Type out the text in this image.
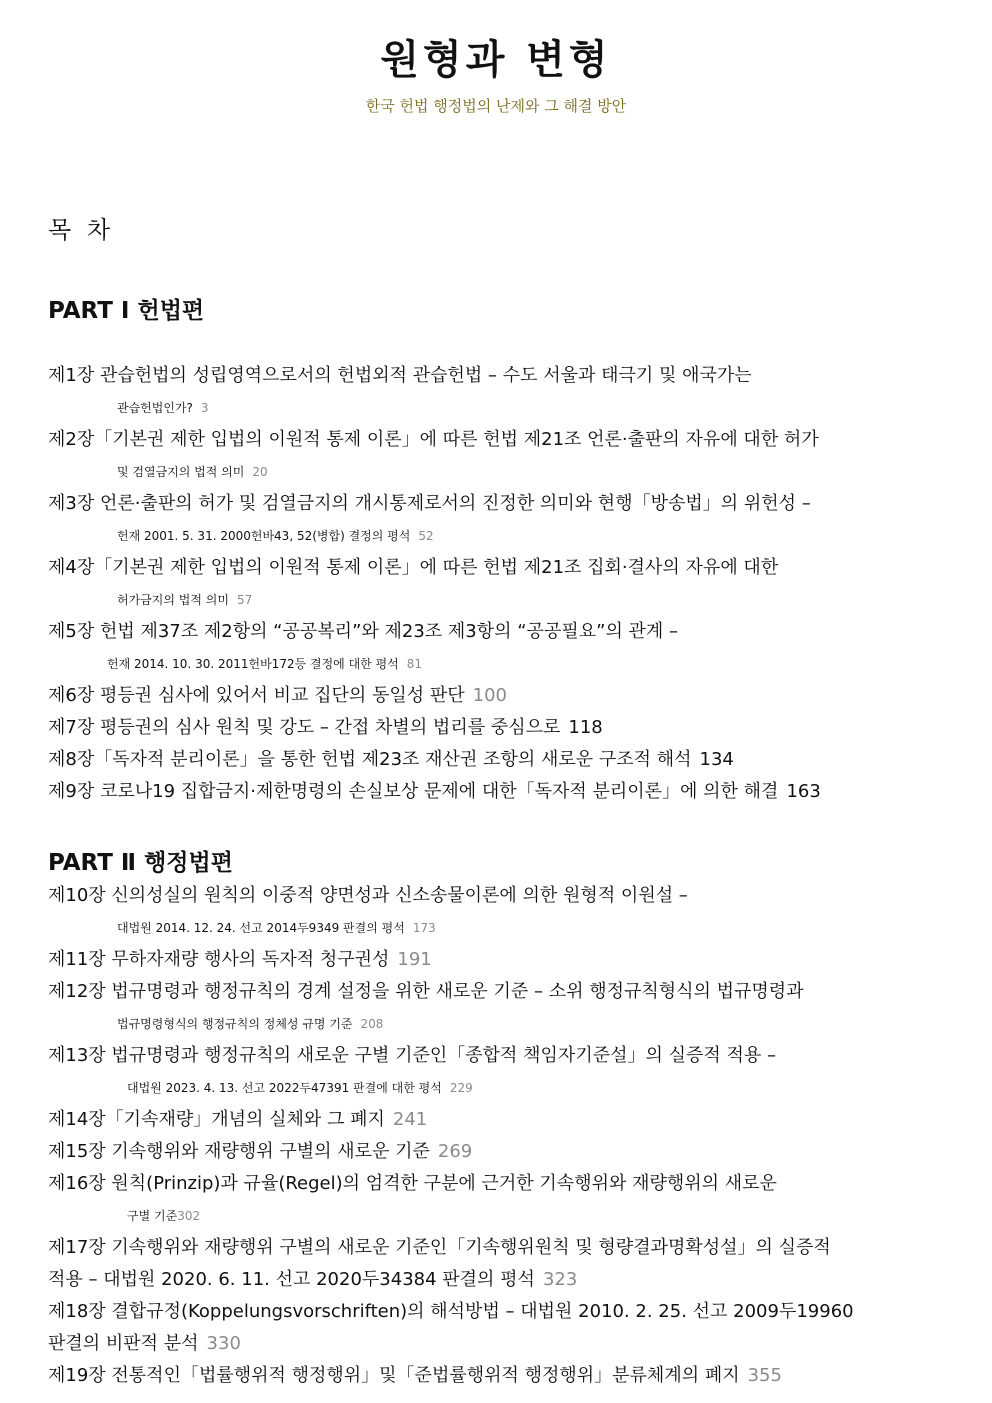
원형과 변형
한국 헌법 행정법의 난제와 그 해결 방안
목 차
PART Ⅰ 헌법편
제1장 관습헌법의 성립영역으로서의 헌법외적 관습헌법 – 수도 서울과 태극기 및 애국가는
관습헌법인가? 3
제2장「기본권 제한 입법의 이원적 통제 이론」에 따른 헌법 제21조 언론·출판의 자유에 대한 허가
및 검열금지의 법적 의미 20
제3장 언론·출판의 허가 및 검열금지의 개시통제로서의 진정한 의미와 현행「방송법」의 위헌성 –
헌재 2001. 5. 31. 2000헌바43, 52(병합) 결정의 평석 52
제4장「기본권 제한 입법의 이원적 통제 이론」에 따른 헌법 제21조 집회·결사의 자유에 대한
허가금지의 법적 의미 57
제5장 헌법 제37조 제2항의 “공공복리”와 제23조 제3항의 “공공필요”의 관계 –
헌재 2014. 10. 30. 2011헌바172등 결정에 대한 평석 81
제6장 평등권 심사에 있어서 비교 집단의 동일성 판단 100
제7장 평등권의 심사 원칙 및 강도 – 간접 차별의 법리를 중심으로 118
제8장「독자적 분리이론」을 통한 헌법 제23조 재산권 조항의 새로운 구조적 해석 134
제9장 코로나19 집합금지·제한명령의 손실보상 문제에 대한「독자적 분리이론」에 의한 해결 163
PART Ⅱ 행정법편
제10장 신의성실의 원칙의 이중적 양면성과 신소송물이론에 의한 원형적 이원설 –
대법원 2014. 12. 24. 선고 2014두9349 판결의 평석 173
제11장 무하자재량 행사의 독자적 청구권성 191
제12장 법규명령과 행정규칙의 경계 설정을 위한 새로운 기준 – 소위 행정규칙형식의 법규명령과
법규명령형식의 행정규칙의 정체성 규명 기준 208
제13장 법규명령과 행정규칙의 새로운 구별 기준인「종합적 책임자기준설」의 실증적 적용 –
대법원 2023. 4. 13. 선고 2022두47391 판결에 대한 평석 229
제14장「기속재량」개념의 실체와 그 폐지 241
제15장 기속행위와 재량행위 구별의 새로운 기준 269
제16장 원칙(Prinzip)과 규율(Regel)의 엄격한 구분에 근거한 기속행위와 재량행위의 새로운
구별 기준302
제17장 기속행위와 재량행위 구별의 새로운 기준인「기속행위원칙 및 형량결과명확성설」의 실증적
적용 – 대법원 2020. 6. 11. 선고 2020두34384 판결의 평석 323
제18장 결합규정(Koppelungsvorschriften)의 해석방법 – 대법원 2010. 2. 25. 선고 2009두19960
판결의 비판적 분석 330
제19장 전통적인「법률행위적 행정행위」및「준법률행위적 행정행위」분류체계의 폐지 355
